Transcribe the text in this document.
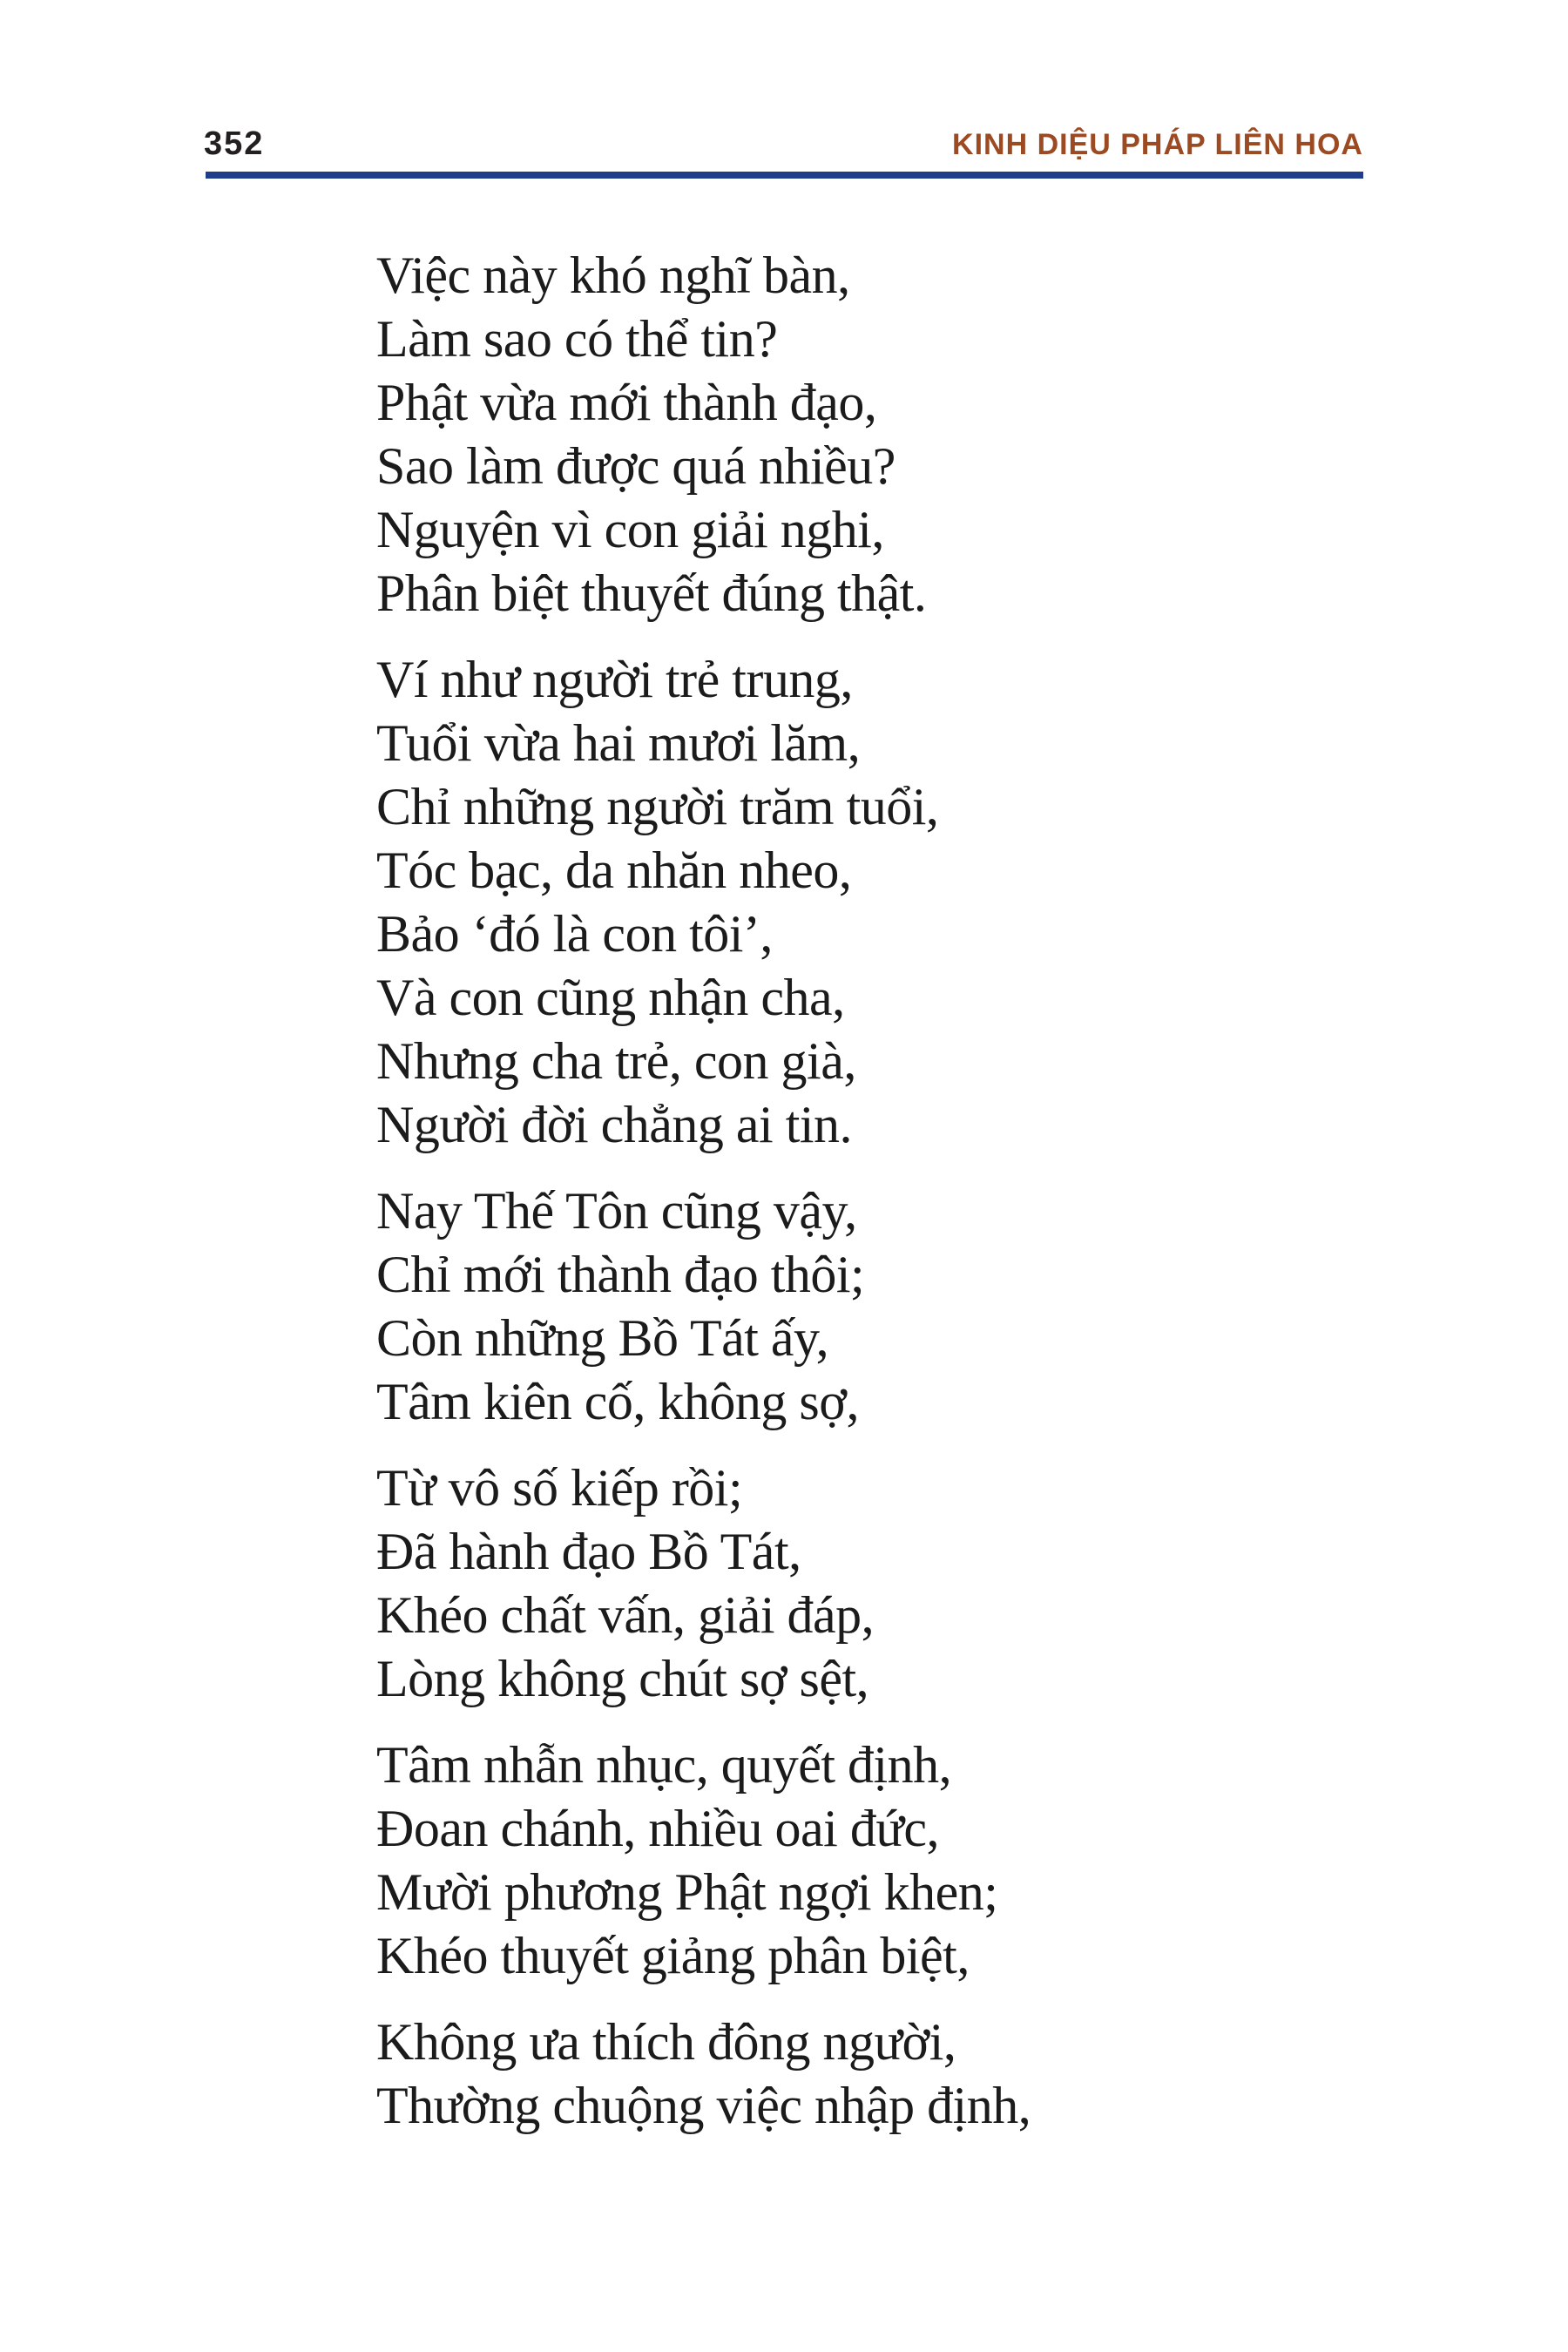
352	KINH DIỆU PHÁP LIÊN HOA
Việc này khó nghĩ bàn,
Làm sao có thể tin?
Phật vừa mới thành đạo,
Sao làm được quá nhiều?
Nguyện vì con giải nghi,
Phân biệt thuyết đúng thật.
Ví như người trẻ trung,
Tuổi vừa hai mươi lăm,
Chỉ những người trăm tuổi,
Tóc bạc, da nhăn nheo,
Bảo ‘đó là con tôi’,
Và con cũng nhận cha,
Nhưng cha trẻ, con già,
Người đời chẳng ai tin.
Nay Thế Tôn cũng vậy,
Chỉ mới thành đạo thôi;
Còn những Bồ Tát ấy,
Tâm kiên cố, không sợ,
Từ vô số kiếp rồi;
Đã hành đạo Bồ Tát,
Khéo chất vấn, giải đáp,
Lòng không chút sợ sệt,
Tâm nhẫn nhục, quyết định,
Đoan chánh, nhiều oai đức,
Mười phương Phật ngợi khen;
Khéo thuyết giảng phân biệt,
Không ưa thích đông người,
Thường chuộng việc nhập định,
